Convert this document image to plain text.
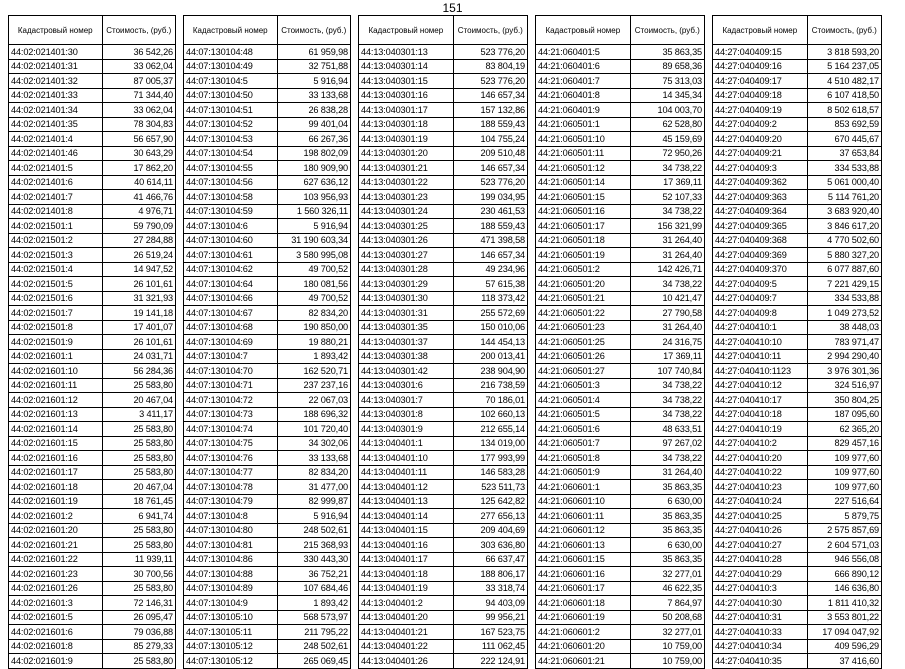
151
Кадастровый номер	Стоимость, (руб.)
44:02:021401:30	36 542,26
44:02:021401:31	33 062,04
44:02:021401:32	87 005,37
44:02:021401:33	71 344,40
44:02:021401:34	33 062,04
44:02:021401:35	78 304,83
44:02:021401:4	56 657,90
44:02:021401:46	30 643,29
44:02:021401:5	17 862,20
44:02:021401:6	40 614,11
44:02:021401:7	41 466,76
44:02:021401:8	4 976,71
44:02:021501:1	59 790,09
44:02:021501:2	27 284,88
44:02:021501:3	26 519,24
44:02:021501:4	14 947,52
44:02:021501:5	26 101,61
44:02:021501:6	31 321,93
44:02:021501:7	19 141,18
44:02:021501:8	17 401,07
44:02:021501:9	26 101,61
44:02:021601:1	24 031,71
44:02:021601:10	56 284,36
44:02:021601:11	25 583,80
44:02:021601:12	20 467,04
44:02:021601:13	3 411,17
44:02:021601:14	25 583,80
44:02:021601:15	25 583,80
44:02:021601:16	25 583,80
44:02:021601:17	25 583,80
44:02:021601:18	20 467,04
44:02:021601:19	18 761,45
44:02:021601:2	6 941,74
44:02:021601:20	25 583,80
44:02:021601:21	25 583,80
44:02:021601:22	11 939,11
44:02:021601:23	30 700,56
44:02:021601:26	25 583,80
44:02:021601:3	72 146,31
44:02:021601:5	26 095,47
44:02:021601:6	79 036,88
44:02:021601:8	85 279,33
44:02:021601:9	25 583,80
Кадастровый номер	Стоимость, (руб.)
44:07:130104:48	61 959,98
44:07:130104:49	32 751,88
44:07:130104:5	5 916,94
44:07:130104:50	33 133,68
44:07:130104:51	26 838,28
44:07:130104:52	99 401,04
44:07:130104:53	66 267,36
44:07:130104:54	198 802,09
44:07:130104:55	180 909,90
44:07:130104:56	627 636,12
44:07:130104:58	103 956,93
44:07:130104:59	1 560 326,11
44:07:130104:6	5 916,94
44:07:130104:60	31 190 603,34
44:07:130104:61	3 580 995,08
44:07:130104:62	49 700,52
44:07:130104:64	180 081,56
44:07:130104:66	49 700,52
44:07:130104:67	82 834,20
44:07:130104:68	190 850,00
44:07:130104:69	19 880,21
44:07:130104:7	1 893,42
44:07:130104:70	162 520,71
44:07:130104:71	237 237,16
44:07:130104:72	22 067,03
44:07:130104:73	188 696,32
44:07:130104:74	101 720,40
44:07:130104:75	34 302,06
44:07:130104:76	33 133,68
44:07:130104:77	82 834,20
44:07:130104:78	31 477,00
44:07:130104:79	82 999,87
44:07:130104:8	5 916,94
44:07:130104:80	248 502,61
44:07:130104:81	215 368,93
44:07:130104:86	330 443,30
44:07:130104:88	36 752,21
44:07:130104:89	107 684,46
44:07:130104:9	1 893,42
44:07:130105:10	568 573,97
44:07:130105:11	211 795,22
44:07:130105:12	248 502,61
44:07:130105:12	265 069,45
Кадастровый номер	Стоимость, (руб.)
44:13:040301:13	523 776,20
44:13:040301:14	83 804,19
44:13:040301:15	523 776,20
44:13:040301:16	146 657,34
44:13:040301:17	157 132,86
44:13:040301:18	188 559,43
44:13:040301:19	104 755,24
44:13:040301:20	209 510,48
44:13:040301:21	146 657,34
44:13:040301:22	523 776,20
44:13:040301:23	199 034,95
44:13:040301:24	230 461,53
44:13:040301:25	188 559,43
44:13:040301:26	471 398,58
44:13:040301:27	146 657,34
44:13:040301:28	49 234,96
44:13:040301:29	57 615,38
44:13:040301:30	118 373,42
44:13:040301:31	255 572,69
44:13:040301:35	150 010,06
44:13:040301:37	144 454,13
44:13:040301:38	200 013,41
44:13:040301:42	238 904,90
44:13:040301:6	216 738,59
44:13:040301:7	70 186,01
44:13:040301:8	102 660,13
44:13:040301:9	212 655,14
44:13:040401:1	134 019,00
44:13:040401:10	177 993,99
44:13:040401:11	146 583,28
44:13:040401:12	523 511,73
44:13:040401:13	125 642,82
44:13:040401:14	277 656,13
44:13:040401:15	209 404,69
44:13:040401:16	303 636,80
44:13:040401:17	66 637,47
44:13:040401:18	188 806,17
44:13:040401:19	33 318,74
44:13:040401:2	94 403,09
44:13:040401:20	99 956,21
44:13:040401:21	167 523,75
44:13:040401:22	111 062,45
44:13:040401:26	222 124,91
Кадастровый номер	Стоимость, (руб.)
44:21:060401:5	35 863,35
44:21:060401:6	89 658,36
44:21:060401:7	75 313,03
44:21:060401:8	14 345,34
44:21:060401:9	104 003,70
44:21:060501:1	62 528,80
44:21:060501:10	45 159,69
44:21:060501:11	72 950,26
44:21:060501:12	34 738,22
44:21:060501:14	17 369,11
44:21:060501:15	52 107,33
44:21:060501:16	34 738,22
44:21:060501:17	156 321,99
44:21:060501:18	31 264,40
44:21:060501:19	31 264,40
44:21:060501:2	142 426,71
44:21:060501:20	34 738,22
44:21:060501:21	10 421,47
44:21:060501:22	27 790,58
44:21:060501:23	31 264,40
44:21:060501:25	24 316,75
44:21:060501:26	17 369,11
44:21:060501:27	107 740,84
44:21:060501:3	34 738,22
44:21:060501:4	34 738,22
44:21:060501:5	34 738,22
44:21:060501:6	48 633,51
44:21:060501:7	97 267,02
44:21:060501:8	34 738,22
44:21:060501:9	31 264,40
44:21:060601:1	35 863,35
44:21:060601:10	6 630,00
44:21:060601:11	35 863,35
44:21:060601:12	35 863,35
44:21:060601:13	6 630,00
44:21:060601:15	35 863,35
44:21:060601:16	32 277,01
44:21:060601:17	46 622,35
44:21:060601:18	7 864,97
44:21:060601:19	50 208,68
44:21:060601:2	32 277,01
44:21:060601:20	10 759,00
44:21:060601:21	10 759,00
Кадастровый номер	Стоимость, (руб.)
44:27:040409:15	3 818 593,20
44:27:040409:16	5 164 237,05
44:27:040409:17	4 510 482,17
44:27:040409:18	6 107 418,50
44:27:040409:19	8 502 618,57
44:27:040409:2	853 692,59
44:27:040409:20	670 445,67
44:27:040409:21	37 653,84
44:27:040409:3	334 533,88
44:27:040409:362	5 061 000,40
44:27:040409:363	5 114 761,20
44:27:040409:364	3 683 920,40
44:27:040409:365	3 846 617,20
44:27:040409:368	4 770 502,60
44:27:040409:369	5 880 327,20
44:27:040409:370	6 077 887,60
44:27:040409:5	7 221 429,15
44:27:040409:7	334 533,88
44:27:040409:8	1 049 273,52
44:27:040410:1	38 448,03
44:27:040410:10	783 971,47
44:27:040410:11	2 994 290,40
44:27:040410:1123	3 976 301,36
44:27:040410:12	324 516,97
44:27:040410:17	350 804,25
44:27:040410:18	187 095,60
44:27:040410:19	62 365,20
44:27:040410:2	829 457,16
44:27:040410:20	109 977,60
44:27:040410:22	109 977,60
44:27:040410:23	109 977,60
44:27:040410:24	227 516,64
44:27:040410:25	5 879,75
44:27:040410:26	2 575 857,69
44:27:040410:27	2 604 571,03
44:27:040410:28	946 556,08
44:27:040410:29	666 890,12
44:27:040410:3	146 636,80
44:27:040410:30	1 811 410,32
44:27:040410:31	3 553 801,22
44:27:040410:33	17 094 047,92
44:27:040410:34	409 596,29
44:27:040410:35	37 416,60
